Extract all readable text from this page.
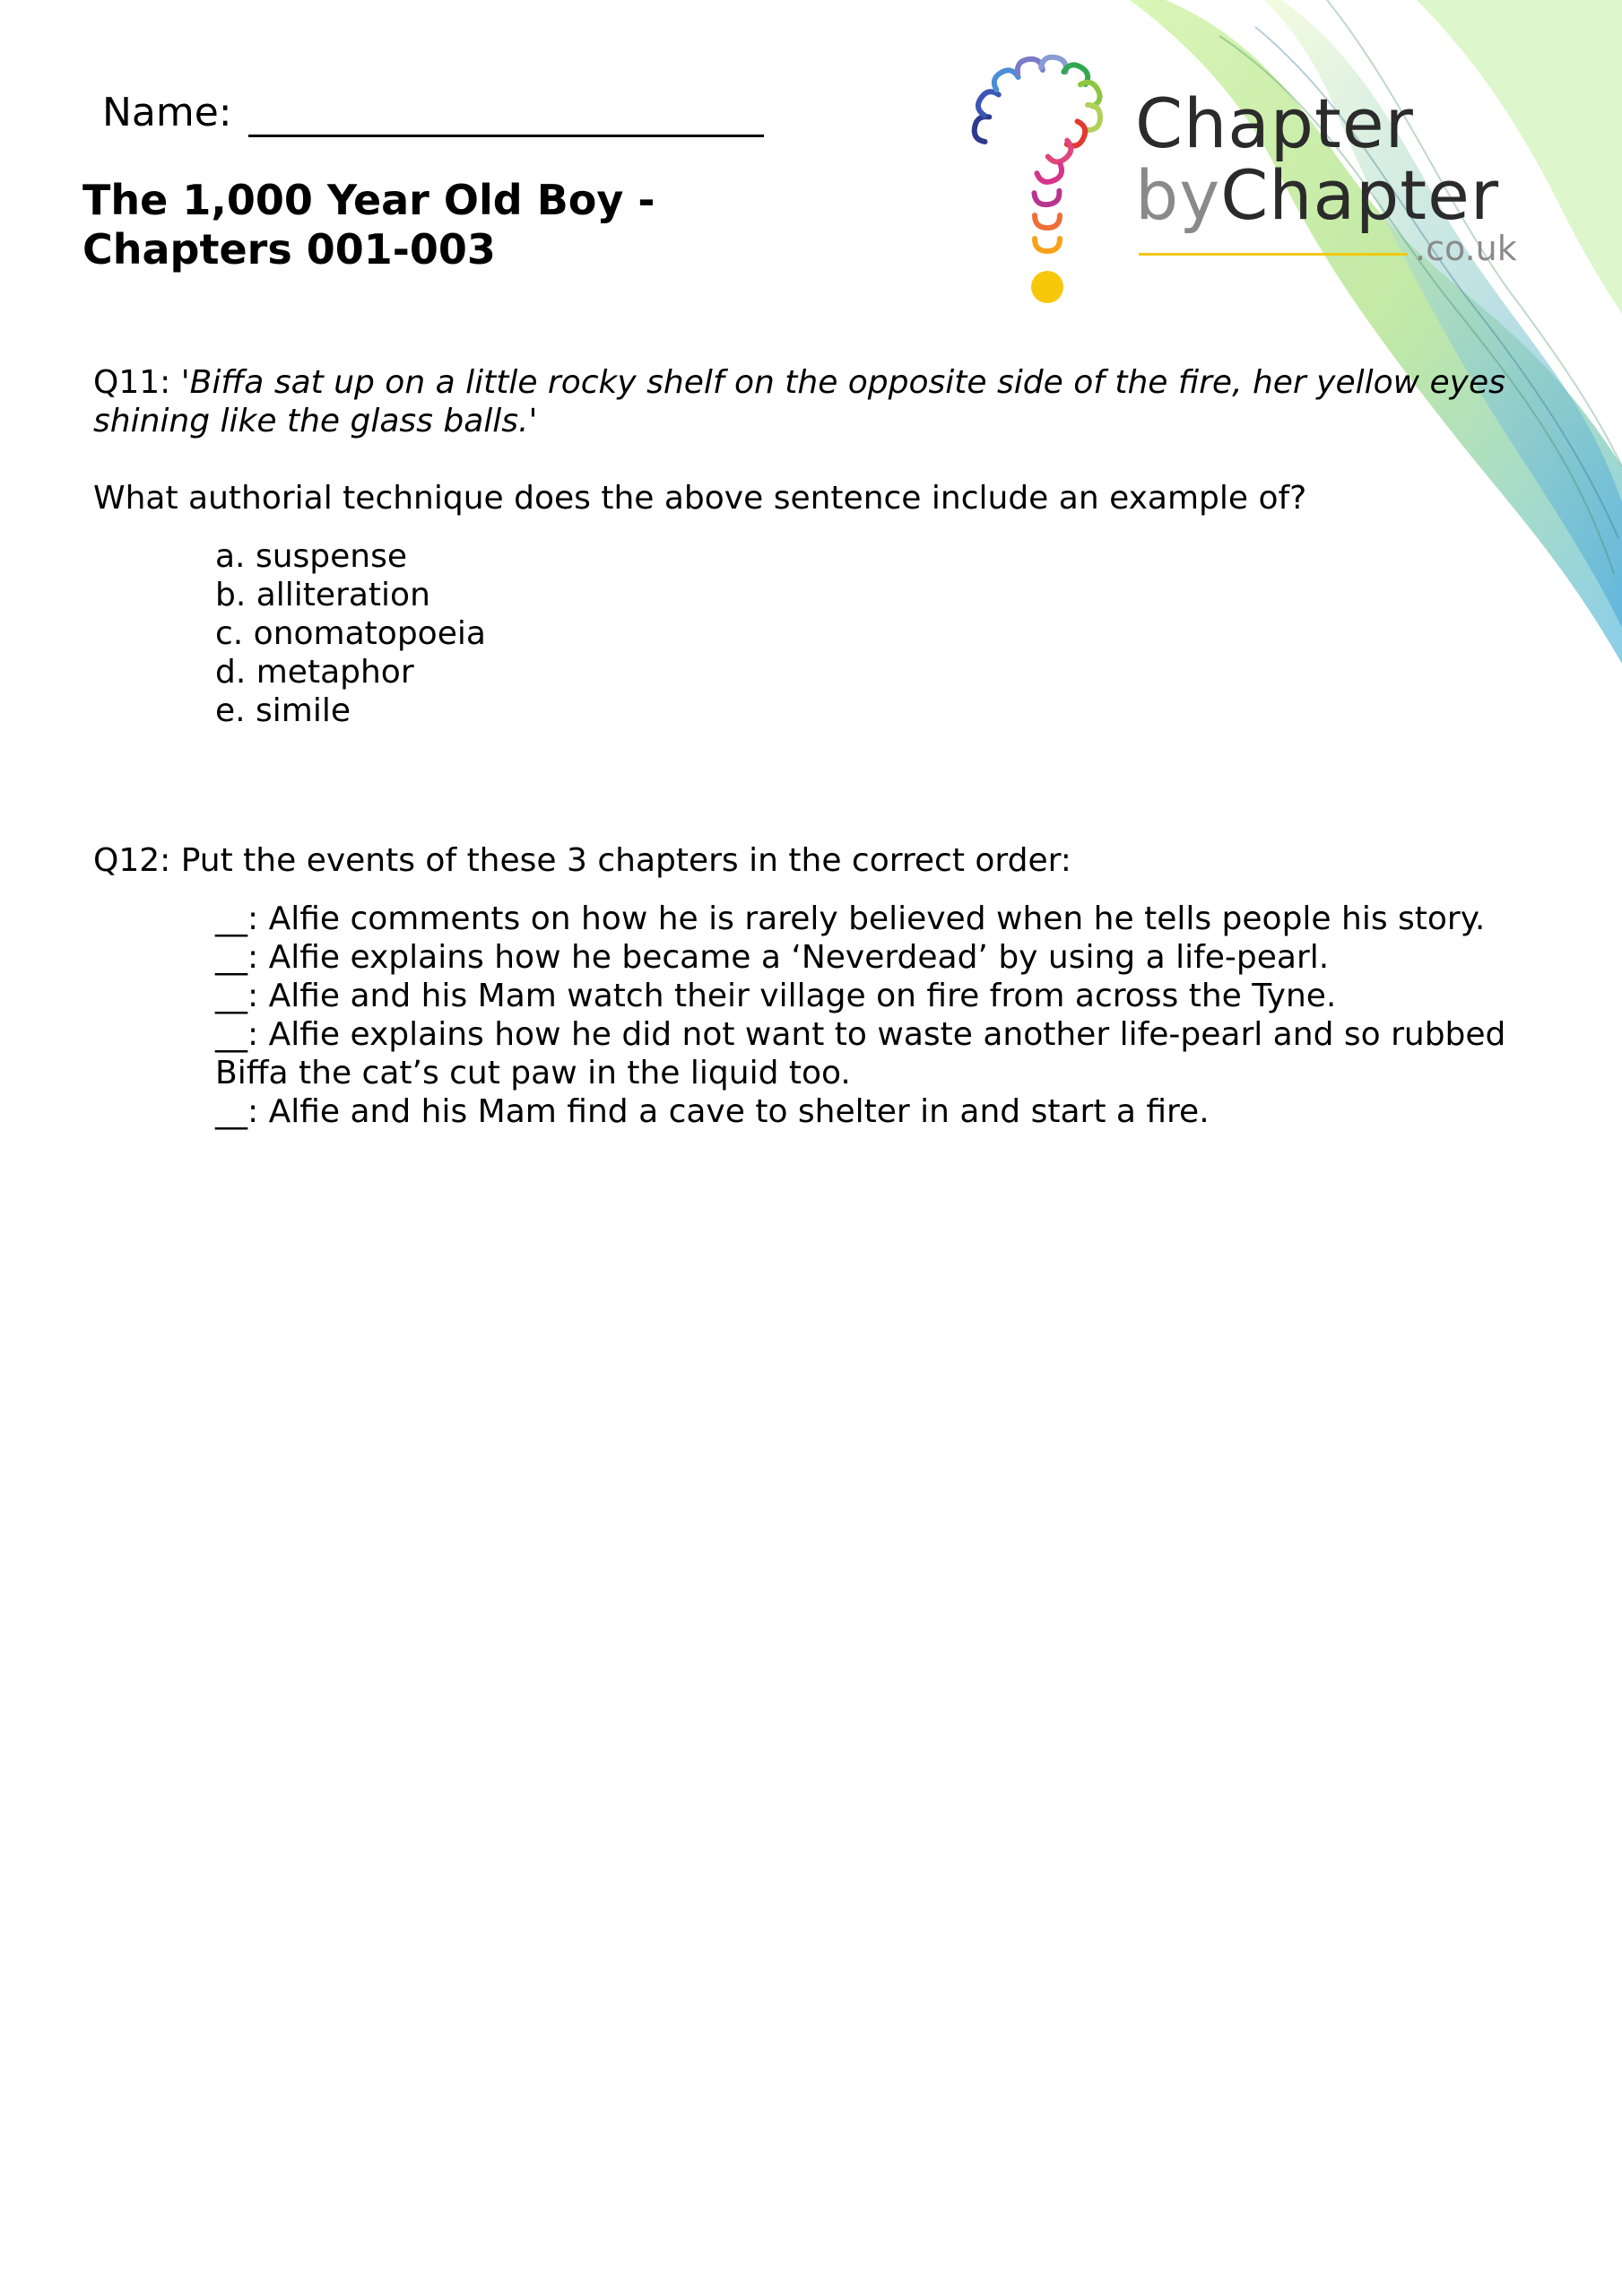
Chapter
byChapter
.co.uk
Name:
The 1,000 Year Old Boy -
Chapters 001-003

Q11: 'Biffa sat up on a little rocky shelf on the opposite side of the fire, her yellow eyes shining like the glass balls.'

What authorial technique does the above sentence include an example of?

a. suspense
b. alliteration
c. onomatopoeia
d. metaphor
e. simile

Q12: Put the events of these 3 chapters in the correct order:

__: Alfie comments on how he is rarely believed when he tells people his story.
__: Alfie explains how he became a ‘Neverdead’ by using a life-pearl.
__: Alfie and his Mam watch their village on fire from across the Tyne.
__: Alfie explains how he did not want to waste another life-pearl and so rubbed Biffa the cat’s cut paw in the liquid too.
__: Alfie and his Mam find a cave to shelter in and start a fire.
